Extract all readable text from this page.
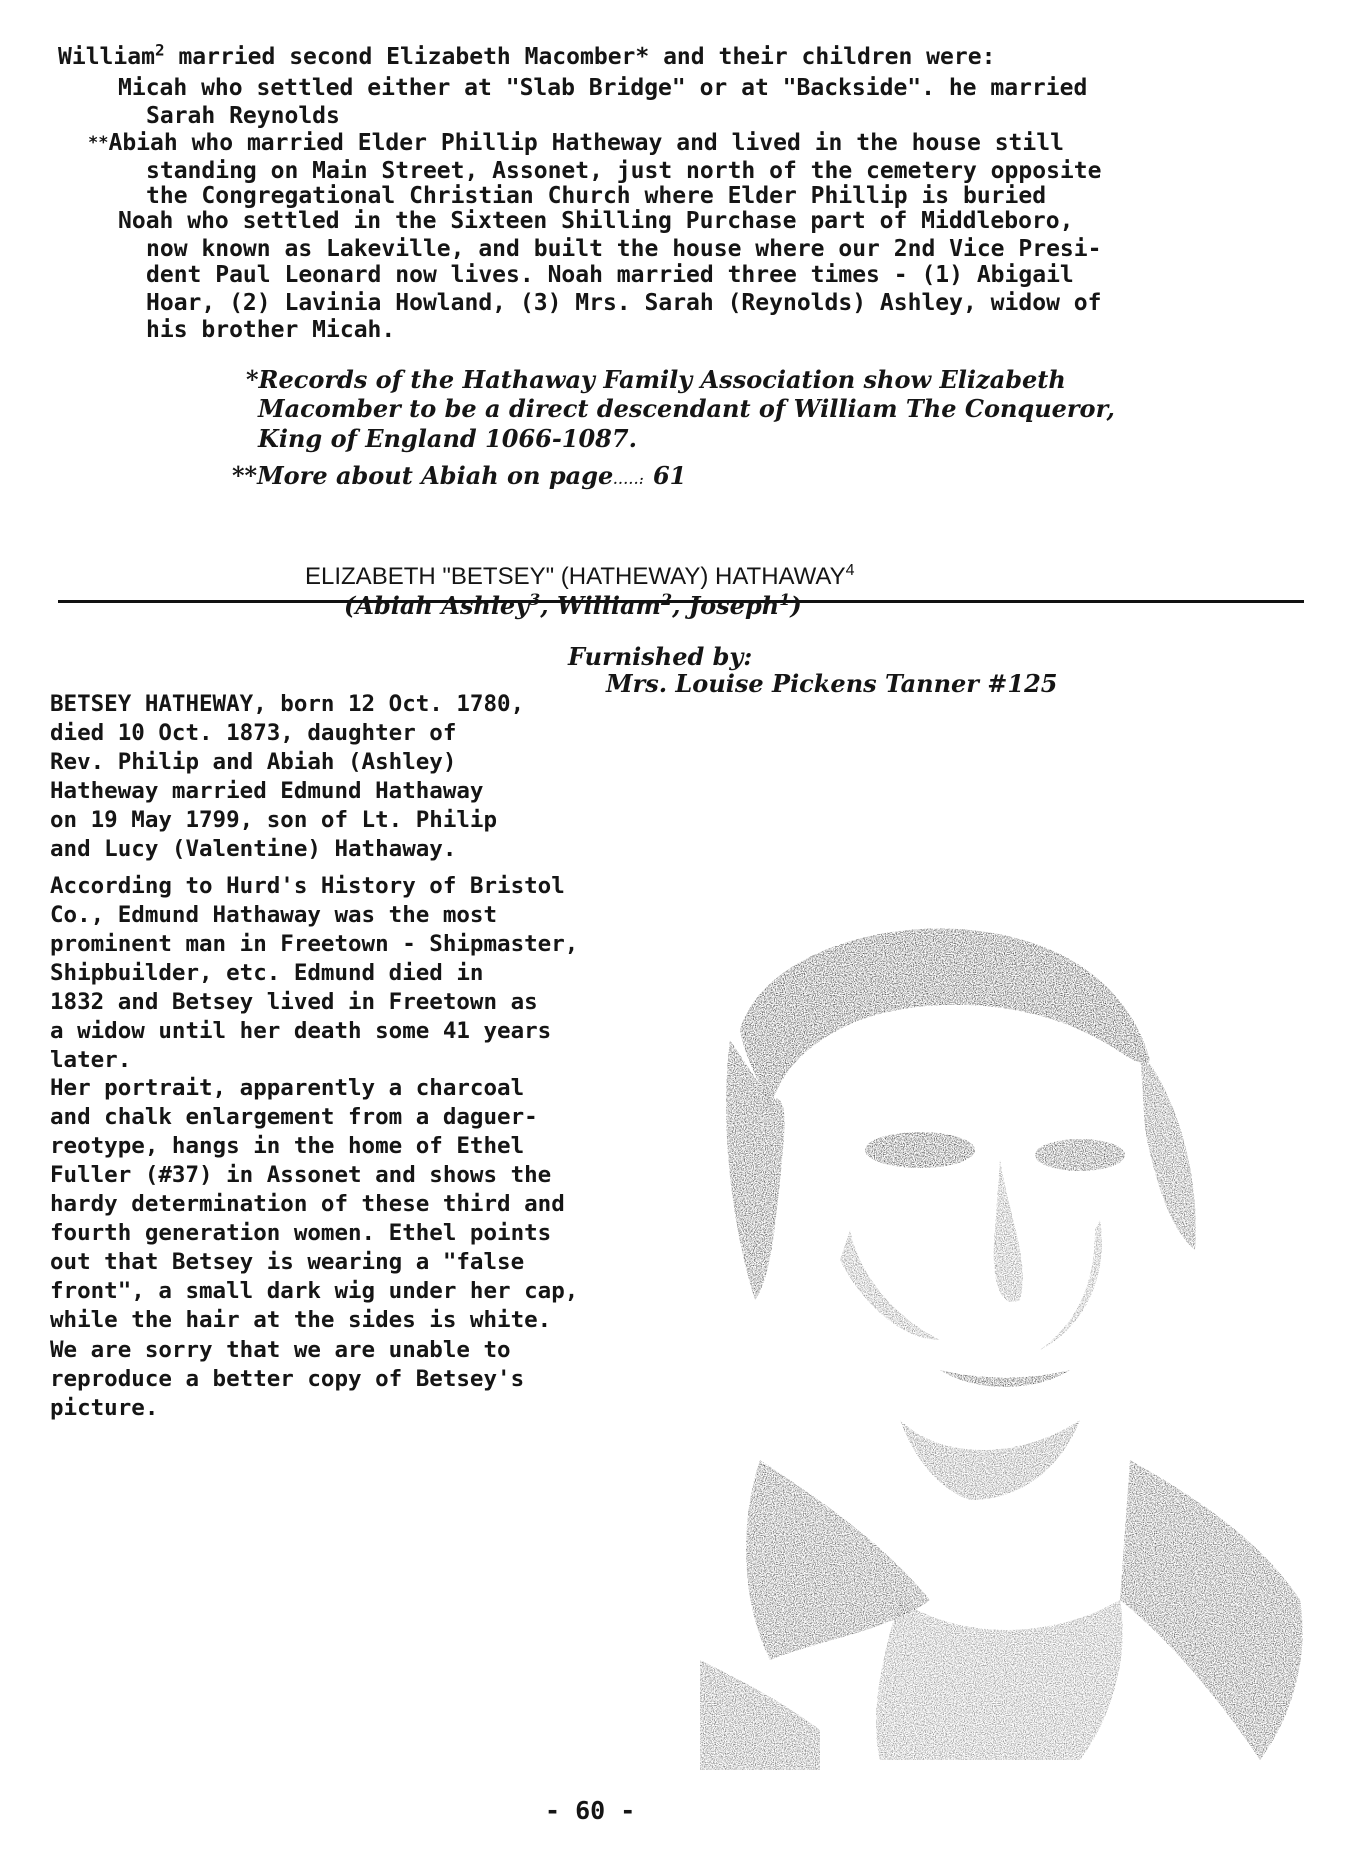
William$^2$ married second Elizabeth Macomber* and their children were:
Micah who settled either at "Slab Bridge" or at "Backside". he married
Sarah Reynolds
**Abiah who married Elder Phillip Hatheway and lived in the house still
standing on Main Street, Assonet, just north of the cemetery opposite
the Congregational Christian Church where Elder Phillip is buried
Noah who settled in the Sixteen Shilling Purchase part of Middleboro,
now known as Lakeville, and built the house where our 2nd Vice Presi-
dent Paul Leonard now lives. Noah married three times - (1) Abigail
Hoar, (2) Lavinia Howland, (3) Mrs. Sarah (Reynolds) Ashley, widow of
his brother Micah.
*Records of the Hathaway Family Association show Elizabeth
Macomber to be a direct descendant of William The Conqueror,
King of England 1066-1087.
**More about Abiah on page.....: 61
ELIZABETH "BETSEY" (HATHEWAY) HATHAWAY$^4$
(Abiah Ashley$^3$, William$^2$, Joseph$^1$)
Furnished by:
Mrs. Louise Pickens Tanner #125
BETSEY HATHEWAY, born 12 Oct. 1780,
died 10 Oct. 1873, daughter of
Rev. Philip and Abiah (Ashley)
Hatheway married Edmund Hathaway
on 19 May 1799, son of Lt. Philip
and Lucy (Valentine) Hathaway.
According to Hurd's History of Bristol
Co., Edmund Hathaway was the most
prominent man in Freetown - Shipmaster,
Shipbuilder, etc. Edmund died in
1832 and Betsey lived in Freetown as
a widow until her death some 41 years
later.
Her portrait, apparently a charcoal
and chalk enlargement from a daguer-
reotype, hangs in the home of Ethel
Fuller (#37) in Assonet and shows the
hardy determination of these third and
fourth generation women. Ethel points
out that Betsey is wearing a "false
front", a small dark wig under her cap,
while the hair at the sides is white.
We are sorry that we are unable to
reproduce a better copy of Betsey's
picture.
- 60 -
